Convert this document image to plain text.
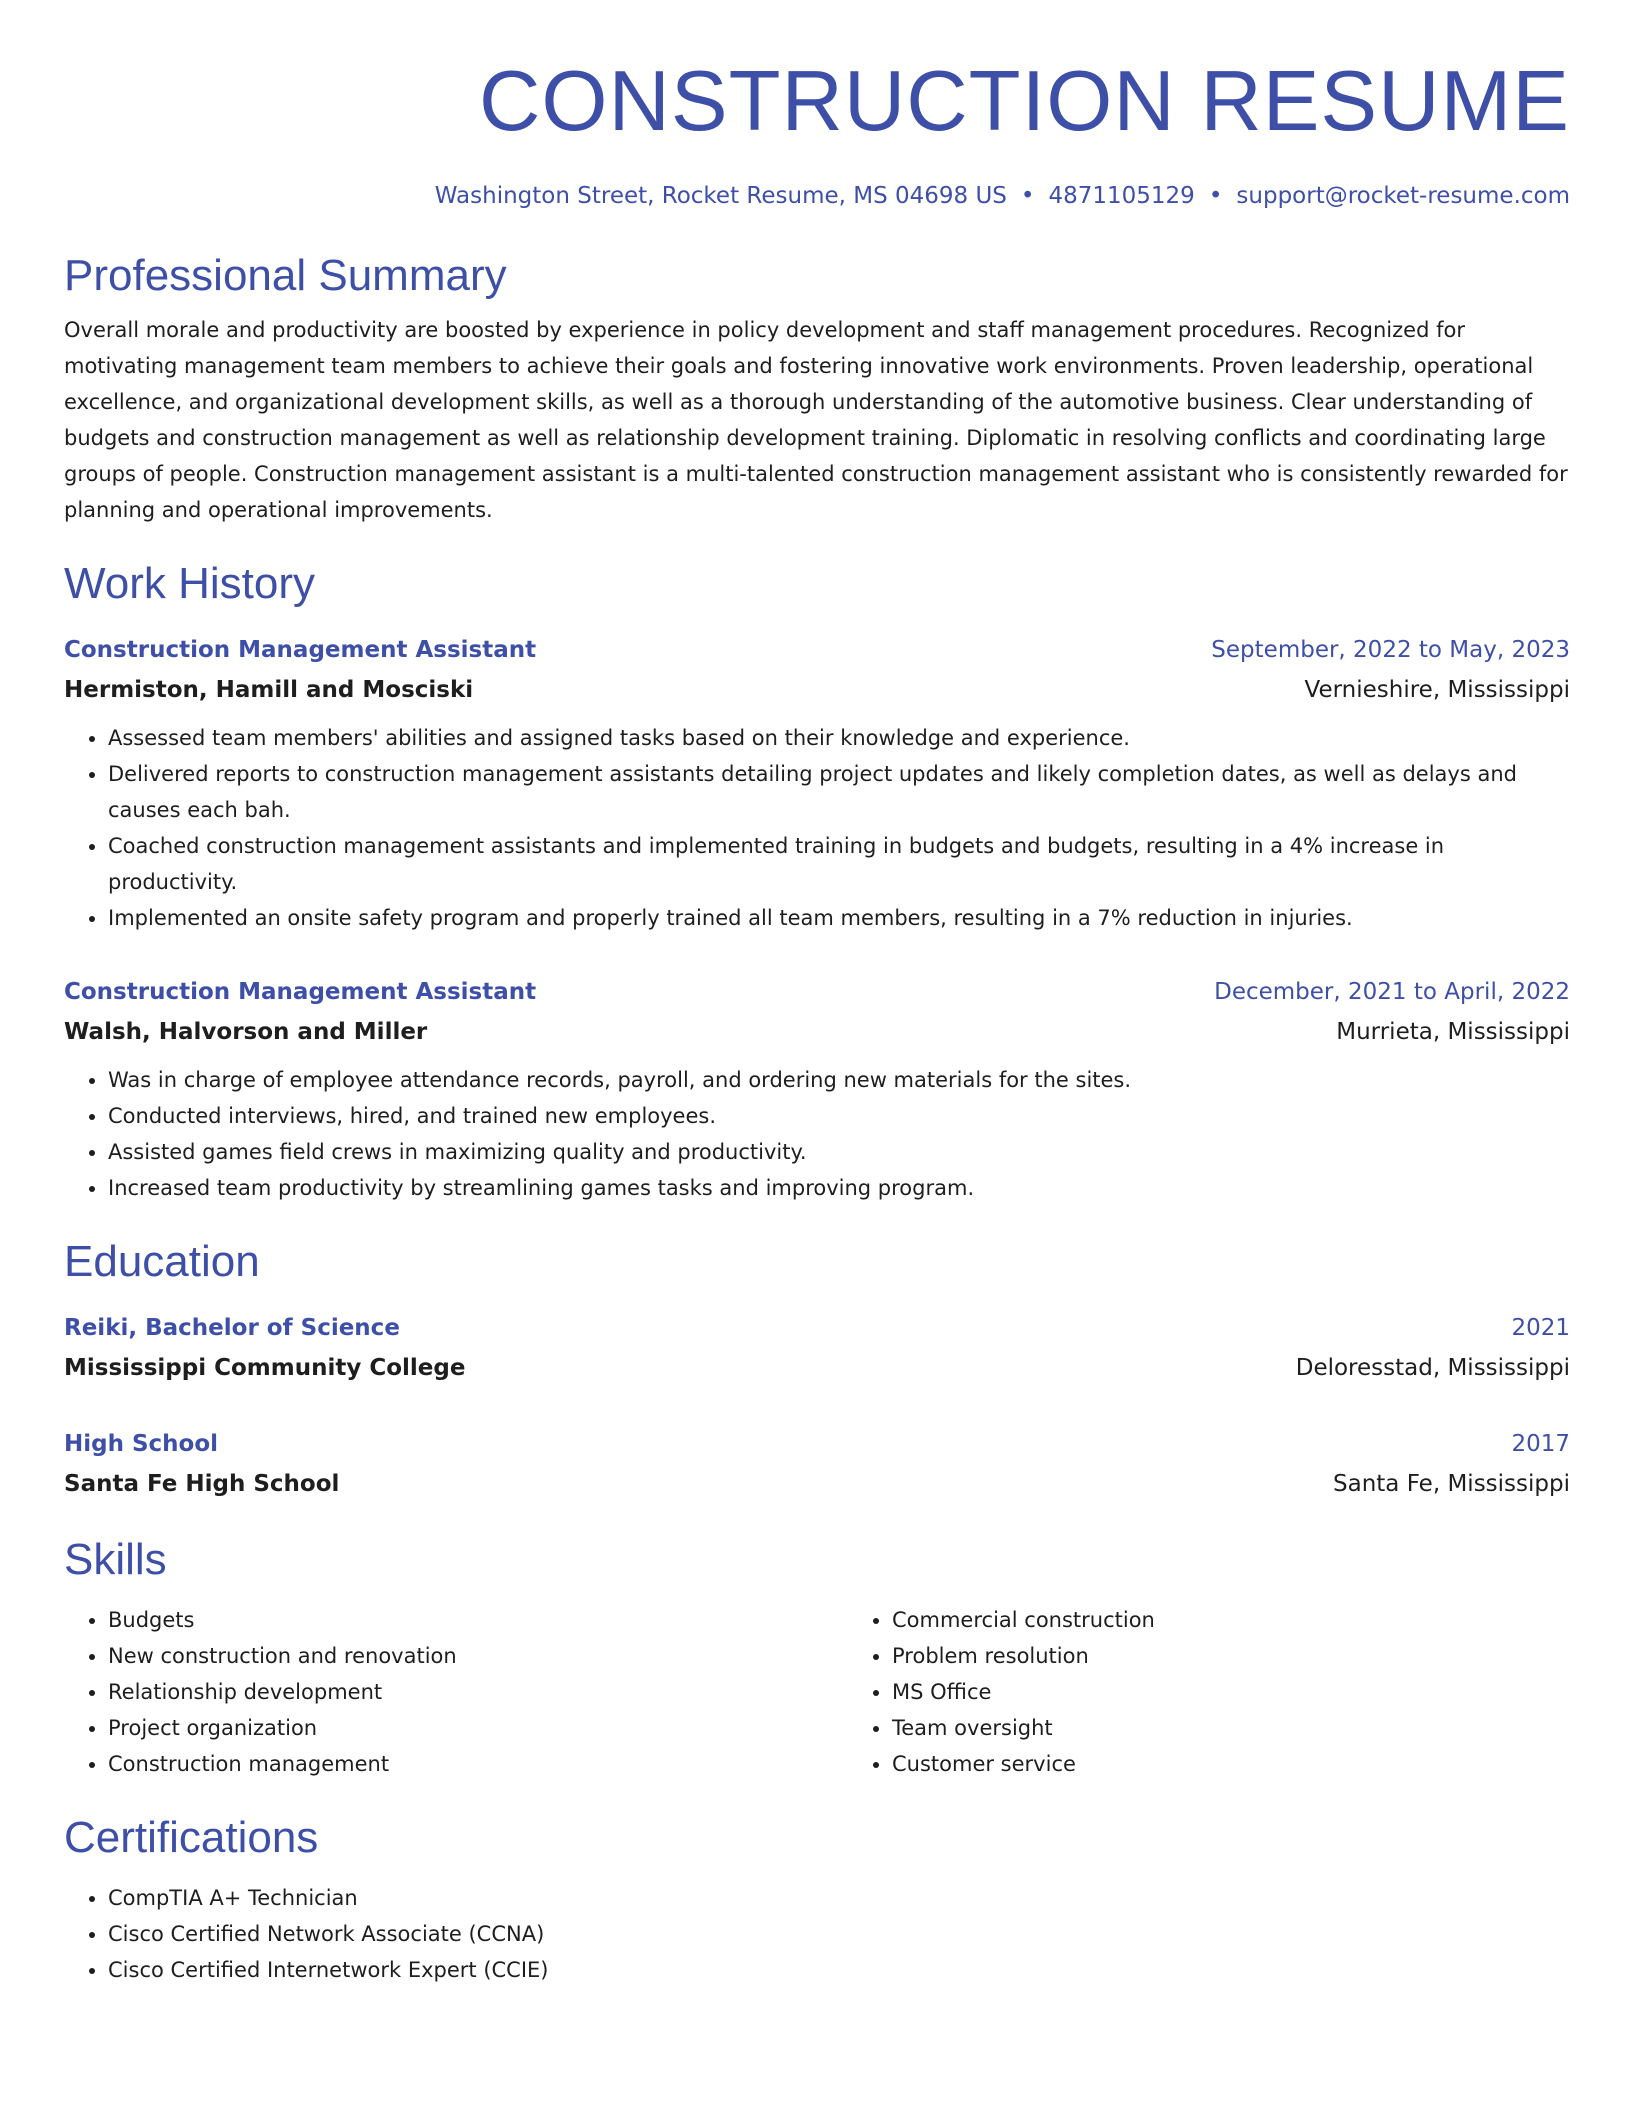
CONSTRUCTION RESUME
Washington Street, Rocket Resume, MS 04698 US • 4871105129 • support@rocket-resume.com
Professional Summary

Overall morale and productivity are boosted by experience in policy development and staff management procedures. Recognized for motivating management team members to achieve their goals and fostering innovative work environments. Proven leadership, operational excellence, and organizational development skills, as well as a thorough understanding of the automotive business. Clear understanding of budgets and construction management as well as relationship development training. Diplomatic in resolving conflicts and coordinating large groups of people. Construction management assistant is a multi-talented construction management assistant who is consistently rewarded for planning and operational improvements.

Work History
Construction Management Assistant	September, 2022 to May, 2023
Hermiston, Hamill and Mosciski	Vernieshire, Mississippi
• Assessed team members' abilities and assigned tasks based on their knowledge and experience.
• Delivered reports to construction management assistants detailing project updates and likely completion dates, as well as delays and causes each bah.
• Coached construction management assistants and implemented training in budgets and budgets, resulting in a 4% increase in productivity.
• Implemented an onsite safety program and properly trained all team members, resulting in a 7% reduction in injuries.
Construction Management Assistant	December, 2021 to April, 2022
Walsh, Halvorson and Miller	Murrieta, Mississippi
• Was in charge of employee attendance records, payroll, and ordering new materials for the sites.
• Conducted interviews, hired, and trained new employees.
• Assisted games field crews in maximizing quality and productivity.
• Increased team productivity by streamlining games tasks and improving program.
Education
Reiki, Bachelor of Science	2021
Mississippi Community College	Deloresstad, Mississippi
High School	2017
Santa Fe High School	Santa Fe, Mississippi
Skills
• Budgets
• New construction and renovation
• Relationship development
• Project organization
• Construction management
• Commercial construction
• Problem resolution
• MS Office
• Team oversight
• Customer service
Certifications
• CompTIA A+ Technician
• Cisco Certified Network Associate (CCNA)
• Cisco Certified Internetwork Expert (CCIE)
